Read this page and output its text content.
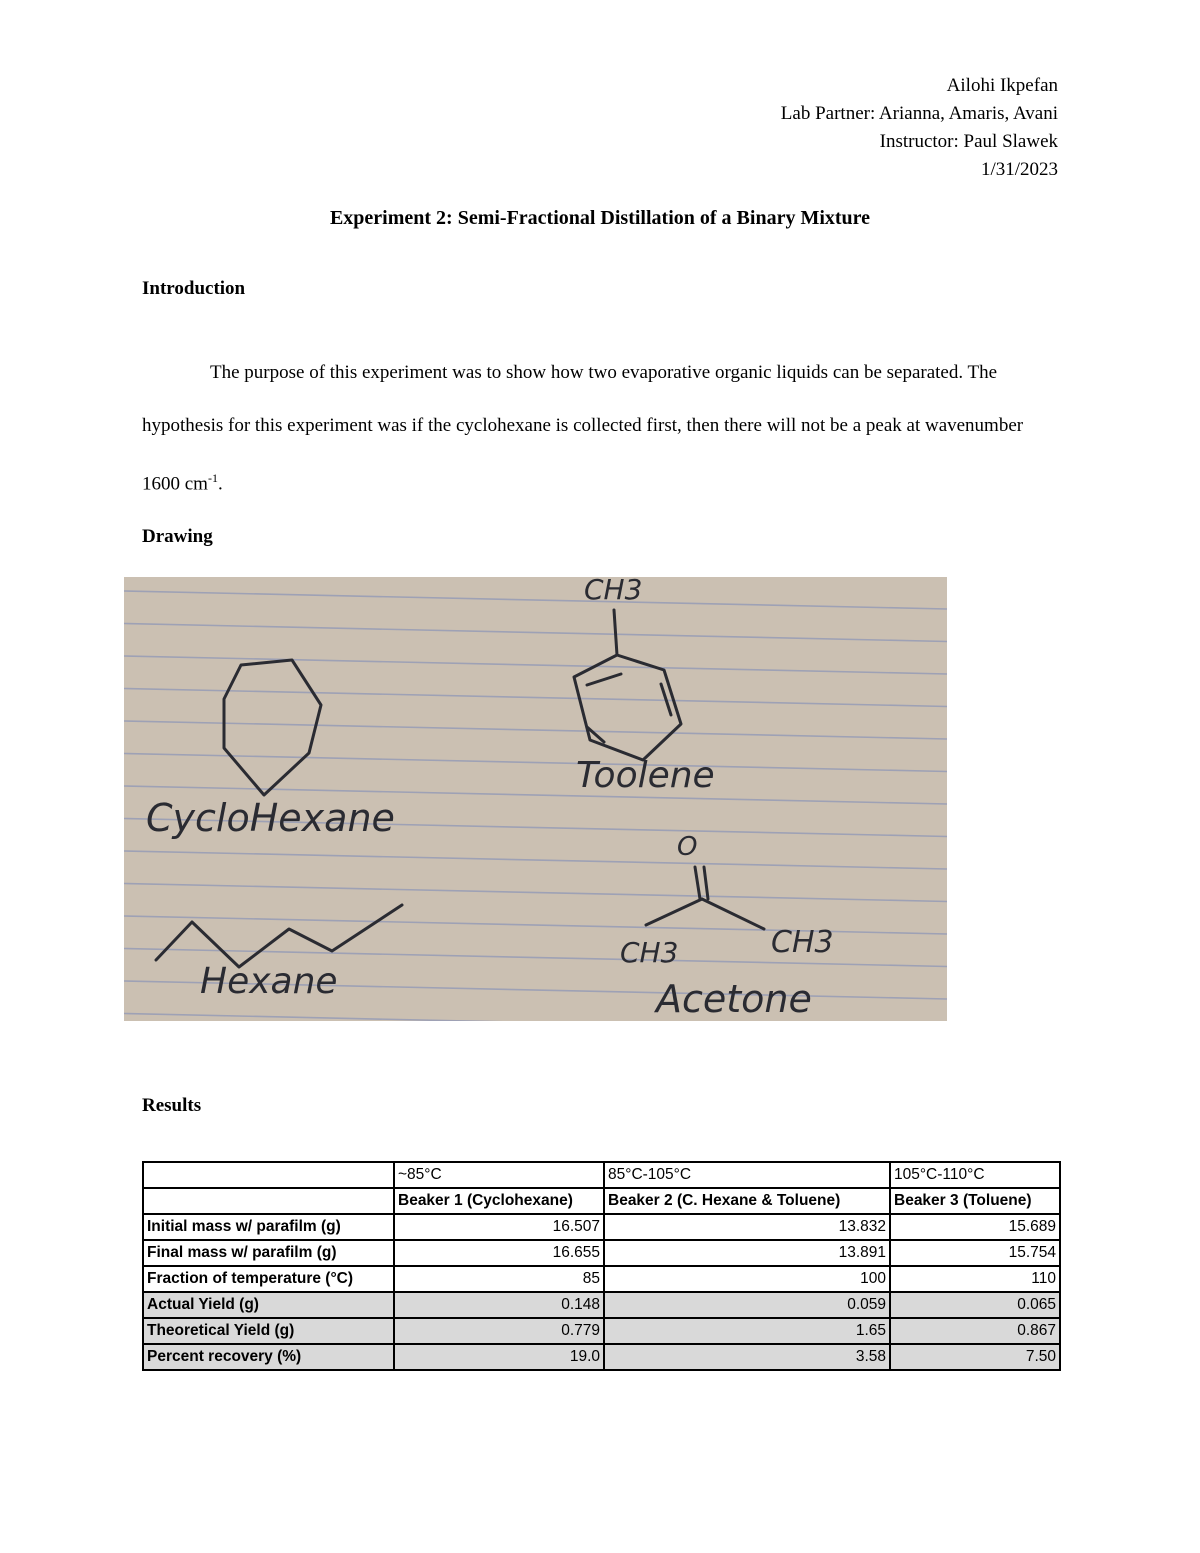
Ailohi Ikpefan
Lab Partner: Arianna, Amaris, Avani
Instructor: Paul Slawek
1/31/2023
Experiment 2: Semi-Fractional Distillation of a Binary Mixture
Introduction
The purpose of this experiment was to show how two evaporative organic liquids can be separated. The hypothesis for this experiment was if the cyclohexane is collected first, then there will not be a peak at wavenumber 1600 $cm^{-1}$.
Drawing
CH3
CycloHexane
Toolene
O
CH3	CH3
Hexane	Acetone
Results
	~85°C	85°C-105°C	105°C-110°C
	Beaker 1 (Cyclohexane)	Beaker 2 (C. Hexane & Toluene)	Beaker 3 (Toluene)
Initial mass w/ parafilm (g)	16.507	13.832	15.689
Final mass w/ parafilm (g)	16.655	13.891	15.754
Fraction of temperature (°C)	85	100	110
Actual Yield (g)	0.148	0.059	0.065
Theoretical Yield (g)	0.779	1.65	0.867
Percent recovery (%)	19.0	3.58	7.50
